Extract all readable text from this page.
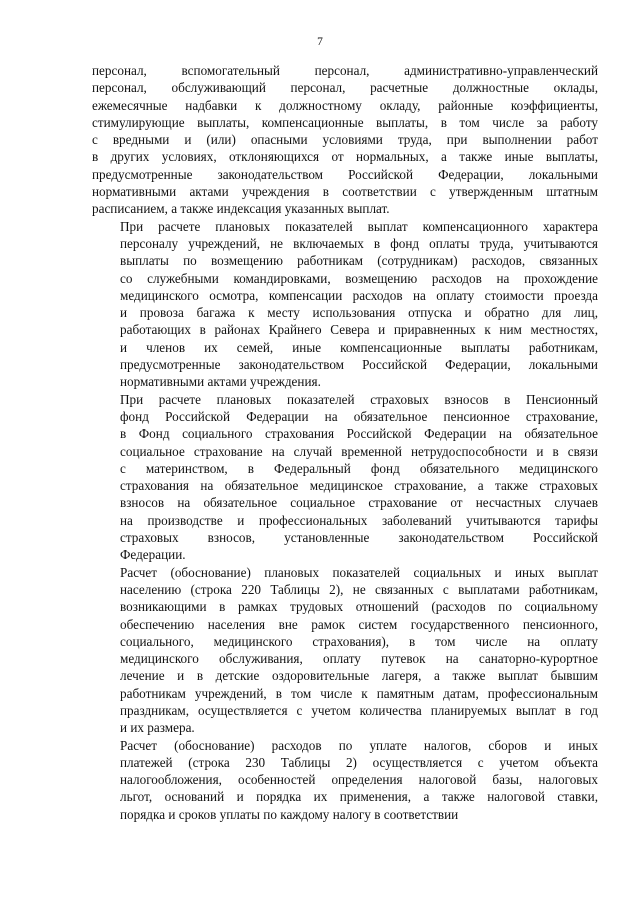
7

персонал, вспомогательный персонал, административно-управленческий
персонал, обслуживающий персонал, расчетные должностные оклады,
ежемесячные надбавки к должностному окладу, районные коэффициенты,
стимулирующие выплаты, компенсационные выплаты, в том числе за работу
с вредными и (или) опасными условиями труда, при выполнении работ
в других условиях, отклоняющихся от нормальных, а также иные выплаты,
предусмотренные законодательством Российской Федерации, локальными
нормативными актами учреждения в соответствии с утвержденным штатным
расписанием, а также индексация указанных выплат.

При расчете плановых показателей выплат компенсационного характера
персоналу учреждений, не включаемых в фонд оплаты труда, учитываются
выплаты по возмещению работникам (сотрудникам) расходов, связанных
со служебными командировками, возмещению расходов на прохождение
медицинского осмотра, компенсации расходов на оплату стоимости проезда
и провоза багажа к месту использования отпуска и обратно для лиц,
работающих в районах Крайнего Севера и приравненных к ним местностях,
и членов их семей, иные компенсационные выплаты работникам,
предусмотренные законодательством Российской Федерации, локальными
нормативными актами учреждения.

При расчете плановых показателей страховых взносов в Пенсионный
фонд Российской Федерации на обязательное пенсионное страхование,
в Фонд социального страхования Российской Федерации на обязательное
социальное страхование на случай временной нетрудоспособности и в связи
с материнством, в Федеральный фонд обязательного медицинского
страхования на обязательное медицинское страхование, а также страховых
взносов на обязательное социальное страхование от несчастных случаев
на производстве и профессиональных заболеваний учитываются тарифы
страховых взносов, установленные законодательством Российской
Федерации.

Расчет (обоснование) плановых показателей социальных и иных выплат
населению (строка 220 Таблицы 2), не связанных с выплатами работникам,
возникающими в рамках трудовых отношений (расходов по социальному
обеспечению населения вне рамок систем государственного пенсионного,
социального, медицинского страхования), в том числе на оплату
медицинского обслуживания, оплату путевок на санаторно-курортное
лечение и в детские оздоровительные лагеря, а также выплат бывшим
работникам учреждений, в том числе к памятным датам, профессиональным
праздникам, осуществляется с учетом количества планируемых выплат в год
и их размера.

Расчет (обоснование) расходов по уплате налогов, сборов и иных
платежей (строка 230 Таблицы 2) осуществляется с учетом объекта
налогообложения, особенностей определения налоговой базы, налоговых
льгот, оснований и порядка их применения, а также налоговой ставки,
порядка и сроков уплаты по каждому налогу в соответствии
